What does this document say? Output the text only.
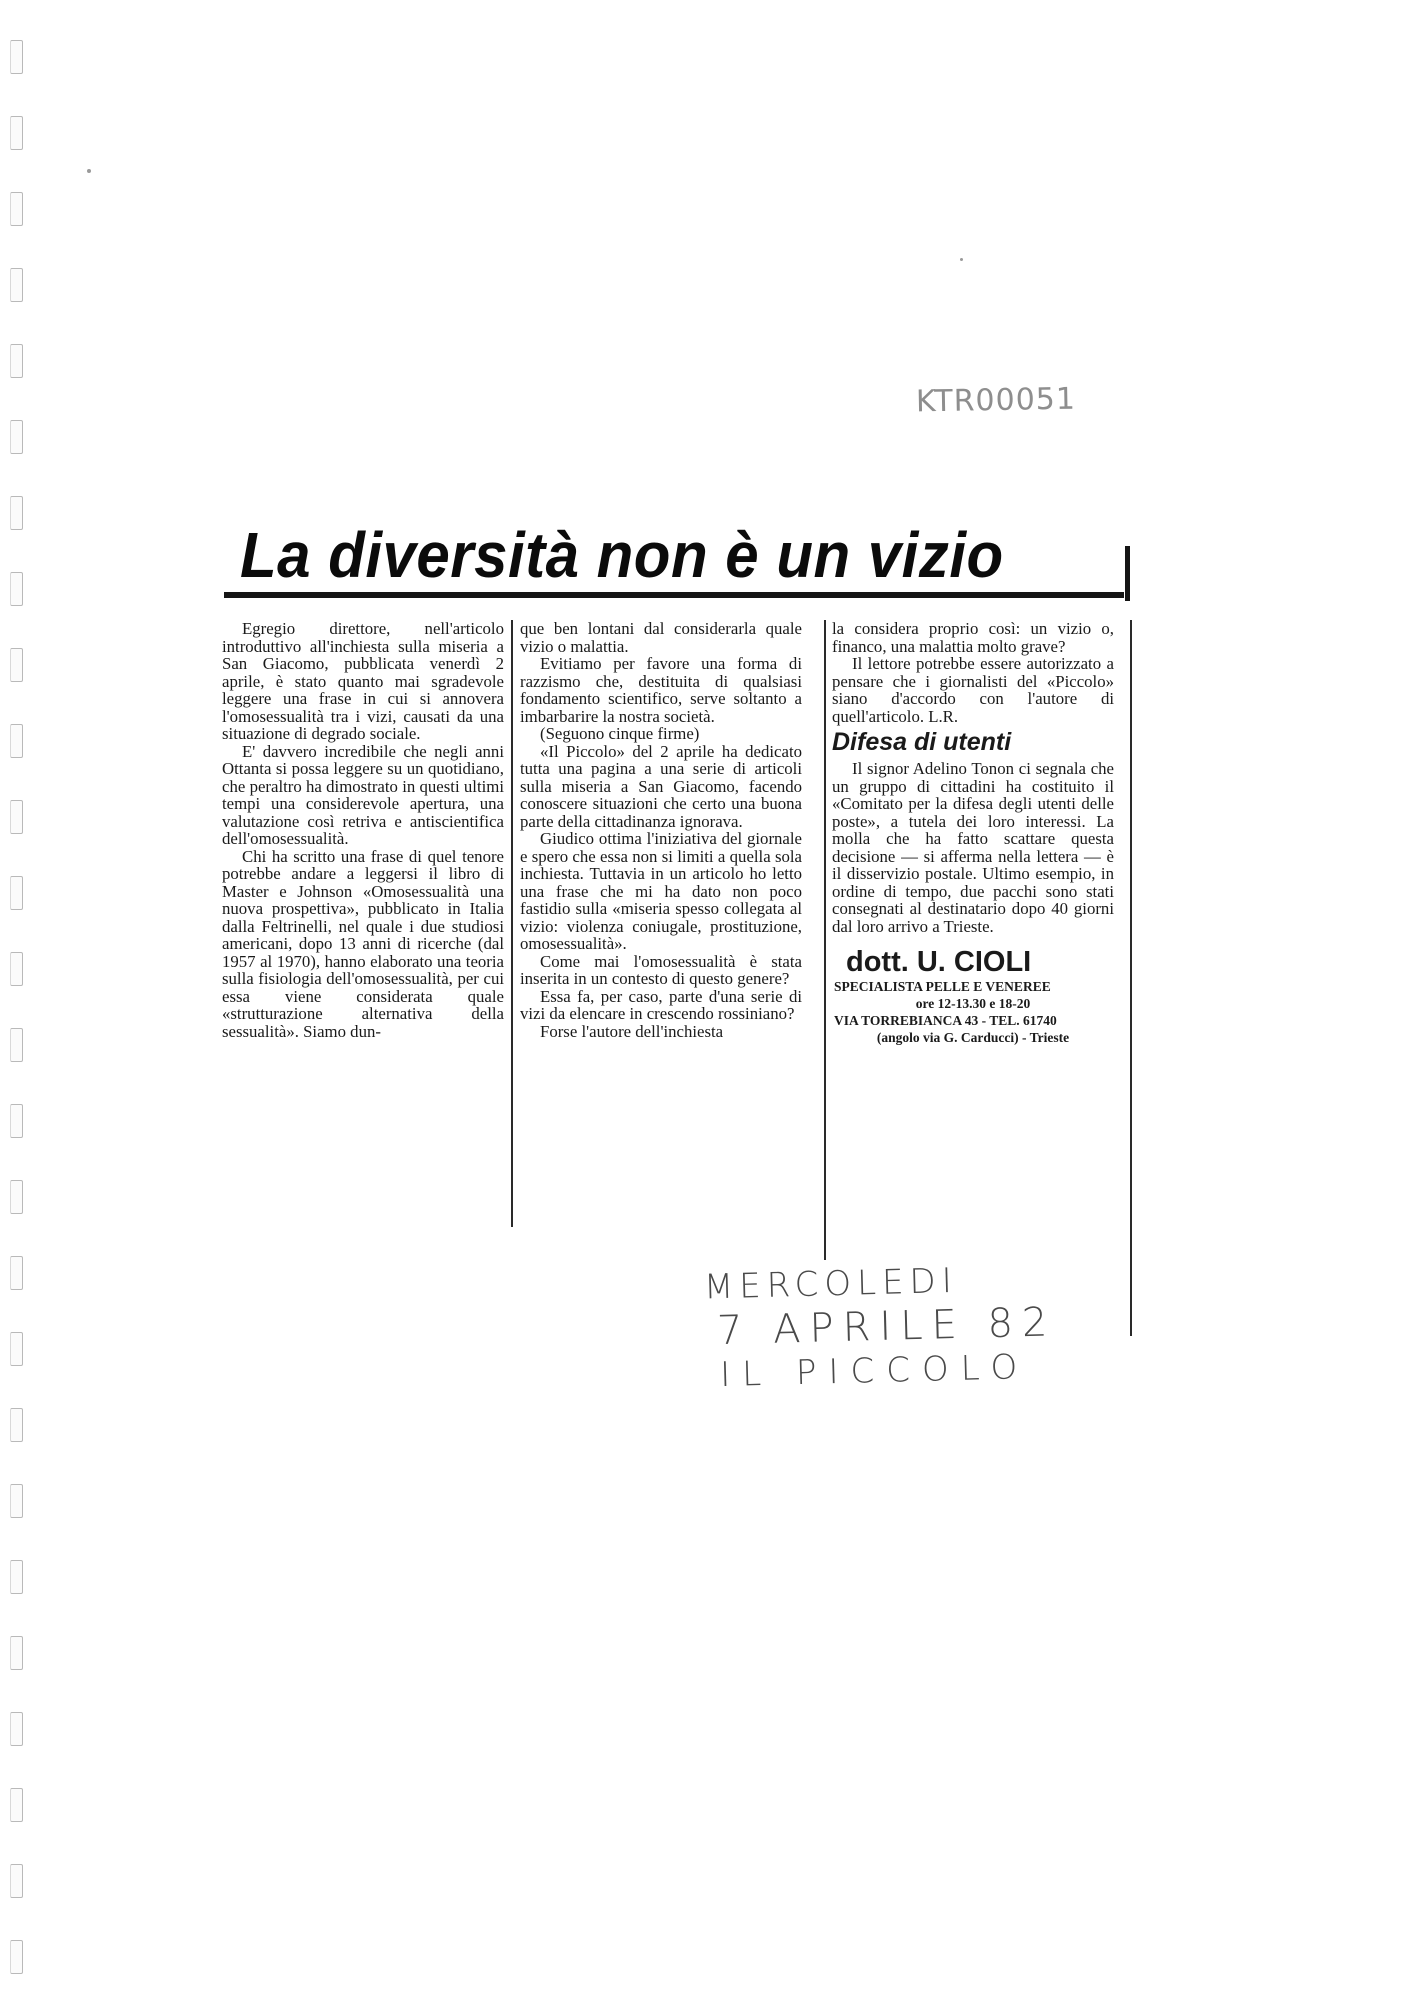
KTR00051
La diversità non è un vizio

Egregio direttore, nell'articolo introduttivo all'inchiesta sulla miseria a San Giacomo, pubblicata venerdì 2 aprile, è stato quanto mai sgradevole leggere una frase in cui si annovera l'omosessualità tra i vizi, causati da una situazione di degrado sociale.

E' davvero incredibile che negli anni Ottanta si possa leggere su un quotidiano, che peraltro ha dimostrato in questi ultimi tempi una considerevole apertura, una valutazione così retriva e antiscientifica dell'omosessualità.

Chi ha scritto una frase di quel tenore potrebbe andare a leggersi il libro di Master e Johnson «Omosessualità una nuova prospettiva», pubblicato in Italia dalla Feltrinelli, nel quale i due studiosi americani, dopo 13 anni di ricerche (dal 1957 al 1970), hanno elaborato una teoria sulla fisiologia dell'omosessualità, per cui essa viene considerata quale «strutturazione alternativa della sessualità». Siamo dun-

que ben lontani dal considerarla quale vizio o malattia.

Evitiamo per favore una forma di razzismo che, destituita di qualsiasi fondamento scientifico, serve soltanto a imbarbarire la nostra società.

(Seguono cinque firme)

«Il Piccolo» del 2 aprile ha dedicato tutta una pagina a una serie di articoli sulla miseria a San Giacomo, facendo conoscere situazioni che certo una buona parte della cittadinanza ignorava.

Giudico ottima l'iniziativa del giornale e spero che essa non si limiti a quella sola inchiesta. Tuttavia in un articolo ho letto una frase che mi ha dato non poco fastidio sulla «miseria spesso collegata al vizio: violenza coniugale, prostituzione, omosessualità».

Come mai l'omosessualità è stata inserita in un contesto di questo genere?

Essa fa, per caso, parte d'una serie di vizi da elencare in crescendo rossiniano?

Forse l'autore dell'inchiesta

la considera proprio così: un vizio o, financo, una malattia molto grave?

Il lettore potrebbe essere autorizzato a pensare che i giornalisti del «Piccolo» siano d'accordo con l'autore di quell'articolo. L.R.

Difesa di utenti

Il signor Adelino Tonon ci segnala che un gruppo di cittadini ha costituito il «Comitato per la difesa degli utenti delle poste», a tutela dei loro interessi. La molla che ha fatto scattare questa decisione — si afferma nella lettera — è il disservizio postale. Ultimo esempio, in ordine di tempo, due pacchi sono stati consegnati al destinatario dopo 40 giorni dal loro arrivo a Trieste.

dott. U. CIOLI
SPECIALISTA PELLE E VENEREE
ore 12-13.30 e 18-20
VIA TORREBIANCA 43 - TEL. 61740
(angolo via G. Carducci) - Trieste
MERCOLEDI
7 APRILE 82
IL PICCOLO
